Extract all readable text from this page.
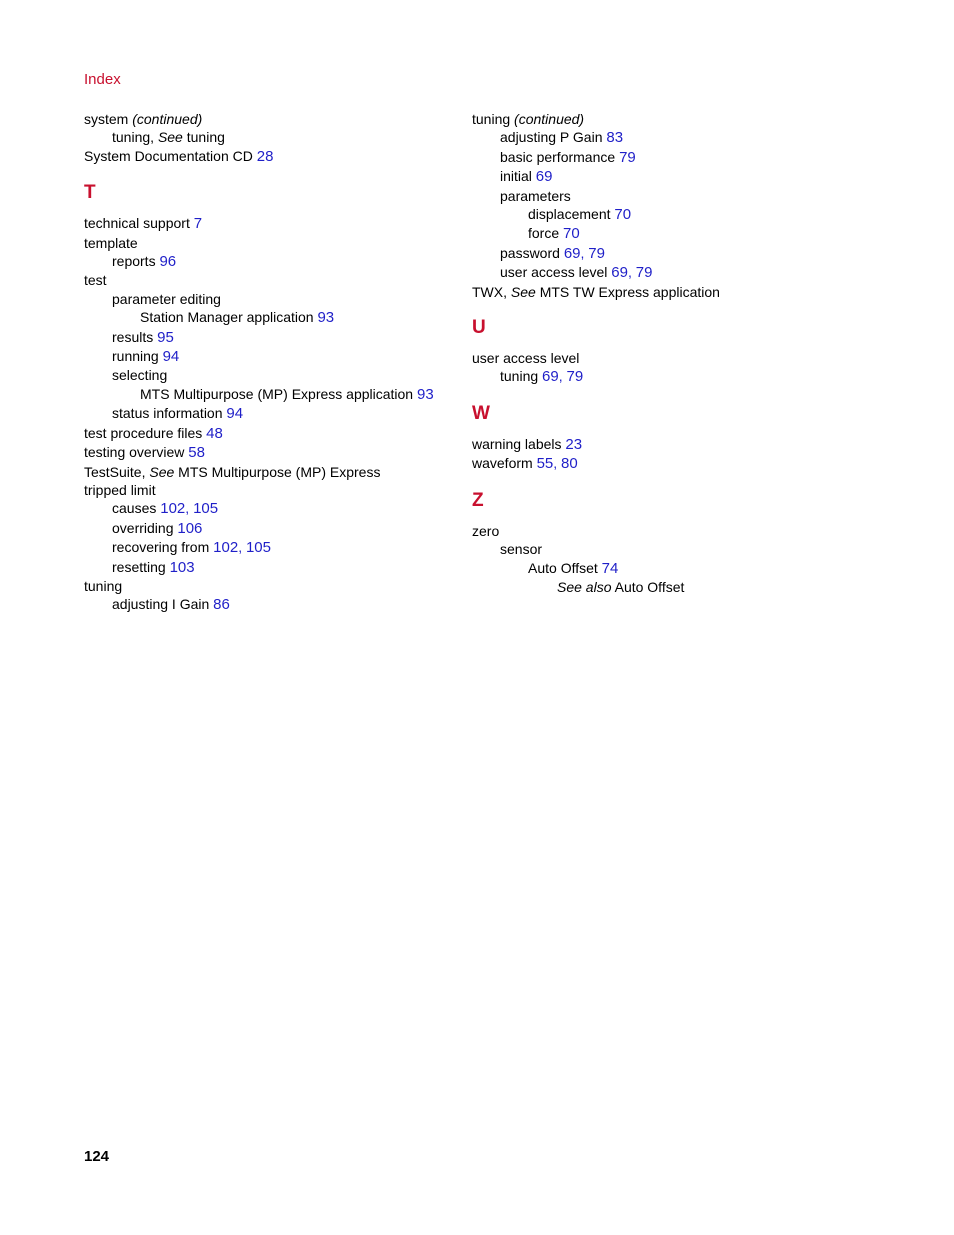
Index
system (continued)
tuning, See tuning
System Documentation CD 28
T
technical support 7
template
reports 96
test
parameter editing
Station Manager application 93
results 95
running 94
selecting
MTS Multipurpose (MP) Express application 93
status information 94
test procedure files 48
testing overview 58
TestSuite, See MTS Multipurpose (MP) Express
tripped limit
causes 102, 105
overriding 106
recovering from 102, 105
resetting 103
tuning
adjusting I Gain 86
tuning (continued)
adjusting P Gain 83
basic performance 79
initial 69
parameters
displacement 70
force 70
password 69, 79
user access level 69, 79
TWX, See MTS TW Express application
U
user access level
tuning 69, 79
W
warning labels 23
waveform 55, 80
Z
zero
sensor
Auto Offset 74
See also Auto Offset
124
